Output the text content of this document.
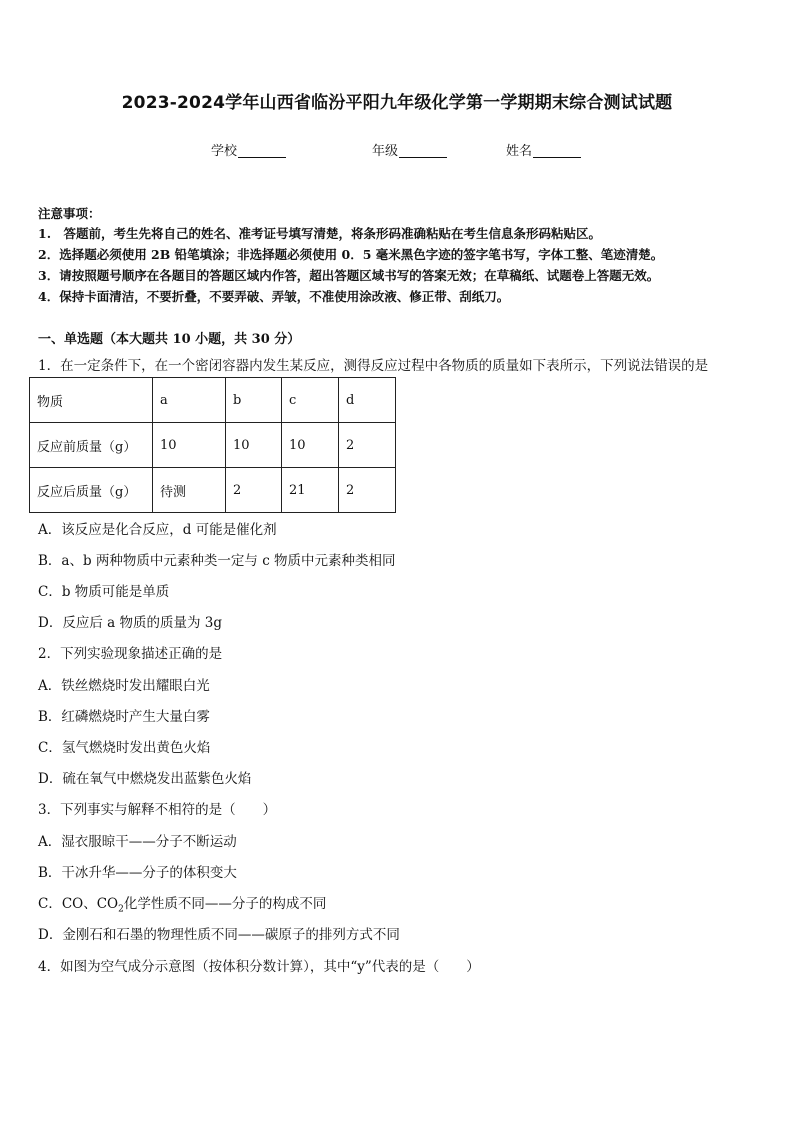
2023-2024学年山西省临汾平阳九年级化学第一学期期末综合测试试题
学校	年级	姓名
注意事项：
1.　答题前，考生先将自己的姓名、准考证号填写清楚，将条形码准确粘贴在考生信息条形码粘贴区。
2．选择题必须使用 2B 铅笔填涂；非选择题必须使用 0．5 毫米黑色字迹的签字笔书写，字体工整、笔迹清楚。
3．请按照题号顺序在各题目的答题区域内作答，超出答题区域书写的答案无效；在草稿纸、试题卷上答题无效。
4．保持卡面清洁，不要折叠，不要弄破、弄皱，不准使用涂改液、修正带、刮纸刀。
一、单选题（本大题共 10 小题，共 30 分）
1．在一定条件下，在一个密闭容器内发生某反应，测得反应过程中各物质的质量如下表所示，下列说法错误的是
物质	a	b	c	d
反应前质量（g）	10	10	10	2
反应后质量（g）	待测	2	21	2
A．该反应是化合反应，d 可能是催化剂
B．a、b 两种物质中元素种类一定与 c 物质中元素种类相同
C．b 物质可能是单质
D．反应后 a 物质的质量为 3g
2．下列实验现象描述正确的是
A．铁丝燃烧时发出耀眼白光
B．红磷燃烧时产生大量白雾
C．氢气燃烧时发出黄色火焰
D．硫在氧气中燃烧发出蓝紫色火焰
3．下列事实与解释不相符的是（　　）
A．湿衣服晾干——分子不断运动
B．干冰升华——分子的体积变大
C．CO、$CO_2$化学性质不同——分子的构成不同
D．金刚石和石墨的物理性质不同——碳原子的排列方式不同
4．如图为空气成分示意图（按体积分数计算），其中“y”代表的是（　　）
